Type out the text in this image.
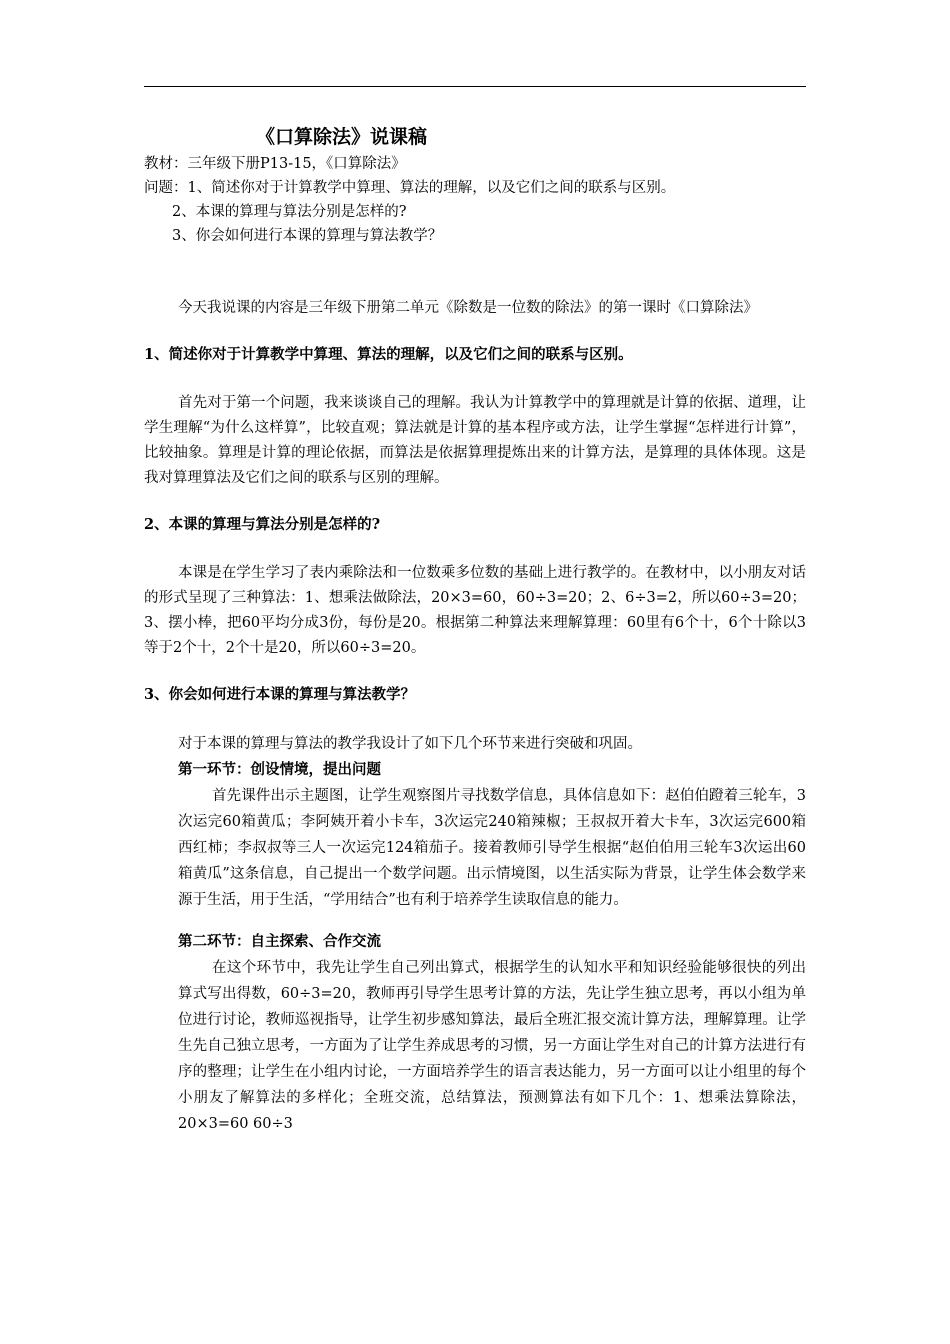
《口算除法》说课稿
教材：三年级下册P13-15，《口算除法》
问题：1、简述你对于计算教学中算理、算法的理解，以及它们之间的联系与区别。
2、本课的算理与算法分别是怎样的?
3、你会如何进行本课的算理与算法教学？

今天我说课的内容是三年级下册第二单元《除数是一位数的除法》的第一课时《口算除法》

1、简述你对于计算教学中算理、算法的理解，以及它们之间的联系与区别。

首先对于第一个问题，我来谈谈自己的理解。我认为计算教学中的算理就是计算的依据、道理，让学生理解“为什么这样算”，比较直观；算法就是计算的基本程序或方法，让学生掌握“怎样进行计算”，比较抽象。算理是计算的理论依据，而算法是依据算理提炼出来的计算方法，是算理的具体体现。这是我对算理算法及它们之间的联系与区别的理解。

2、本课的算理与算法分别是怎样的?

本课是在学生学习了表内乘除法和一位数乘多位数的基础上进行教学的。在教材中，以小朋友对话的形式呈现了三种算法：1、想乘法做除法，20×3=60，60÷3=20；2、6÷3=2，所以60÷3=20；3、摆小棒，把60平均分成3份，每份是20。根据第二种算法来理解算理：60里有6个十，6个十除以3等于2个十，2个十是20，所以60÷3=20。

3、你会如何进行本课的算理与算法教学？

对于本课的算理与算法的教学我设计了如下几个环节来进行突破和巩固。

第一环节：创设情境，提出问题

首先课件出示主题图，让学生观察图片寻找数学信息，具体信息如下：赵伯伯蹬着三轮车，3次运完60箱黄瓜；李阿姨开着小卡车，3次运完240箱辣椒；王叔叔开着大卡车，3次运完600箱西红柿；李叔叔等三人一次运完124箱茄子。接着教师引导学生根据“赵伯伯用三轮车3次运出60箱黄瓜”这条信息，自己提出一个数学问题。出示情境图，以生活实际为背景，让学生体会数学来源于生活，用于生活，“学用结合”也有利于培养学生读取信息的能力。

第二环节：自主探索、合作交流

在这个环节中，我先让学生自己列出算式，根据学生的认知水平和知识经验能够很快的列出算式写出得数，60÷3=20，教师再引导学生思考计算的方法，先让学生独立思考，再以小组为单位进行讨论，教师巡视指导，让学生初步感知算法，最后全班汇报交流计算方法，理解算理。让学生先自己独立思考，一方面为了让学生养成思考的习惯，另一方面让学生对自己的计算方法进行有序的整理；让学生在小组内讨论，一方面培养学生的语言表达能力，另一方面可以让小组里的每个小朋友了解算法的多样化；全班交流，总结算法，预测算法有如下几个：1、想乘法算除法，20×3=60 60÷3
